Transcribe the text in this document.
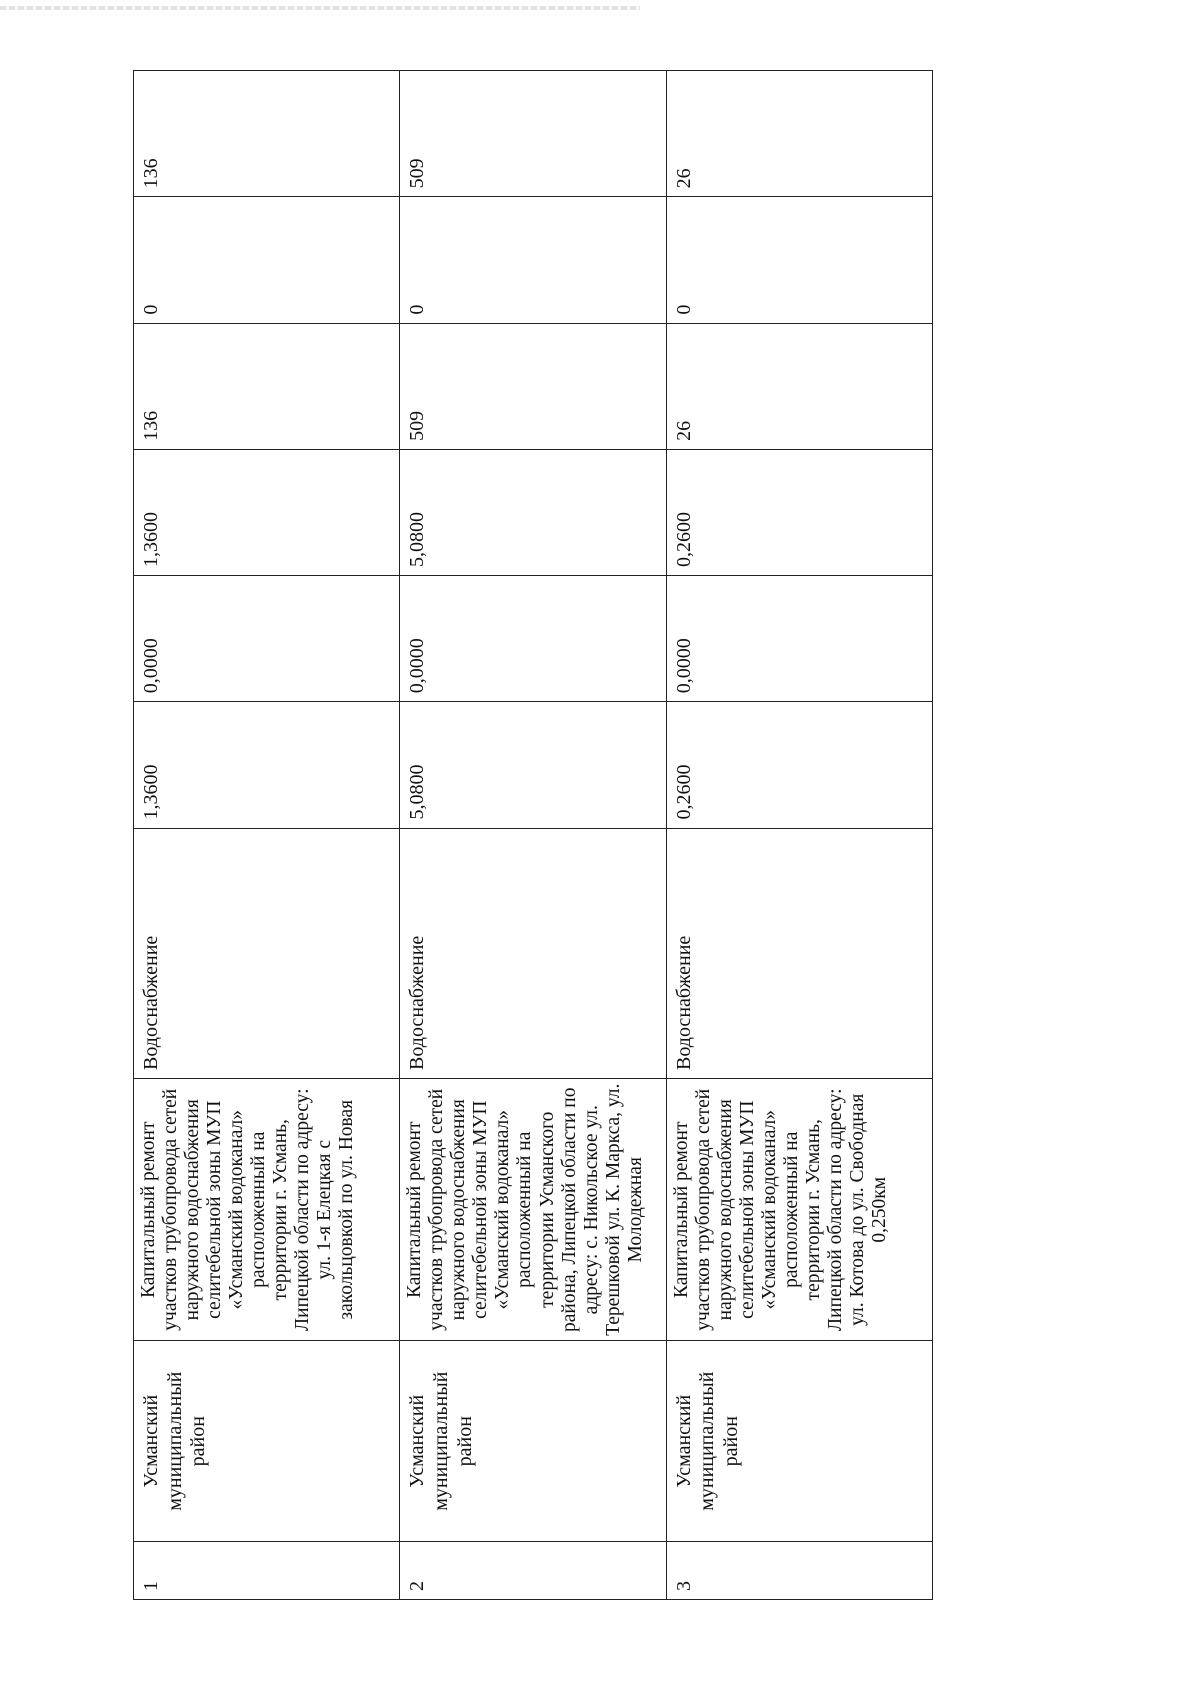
1	Усманский муниципальный район	Капитальный ремонт участков трубопровода сетей наружного водоснабжения селитебельной зоны МУП «Усманский водоканал» расположенный на территории г. Усмань, Липецкой области по адресу: ул. 1-я Елецкая с закольцовкой по ул. Новая	Водоснабжение	1,3600	0,0000	1,3600	136	0	136
2	Усманский муниципальный район	Капитальный ремонт участков трубопровода сетей наружного водоснабжения селитебельной зоны МУП «Усманский водоканал» расположенный на территории Усманского района, Липецкой области по адресу: с. Никольское ул. Терешковой ул. К. Маркса, ул. Молодежная	Водоснабжение	5,0800	0,0000	5,0800	509	0	509
3	Усманский муниципальный район	Капитальный ремонт участков трубопровода сетей наружного водоснабжения селитебельной зоны МУП «Усманский водоканал» расположенный на территории г. Усмань, Липецкой области по адресу: ул. Котова до ул. Свободная 0,250км	Водоснабжение	0,2600	0,0000	0,2600	26	0	26
